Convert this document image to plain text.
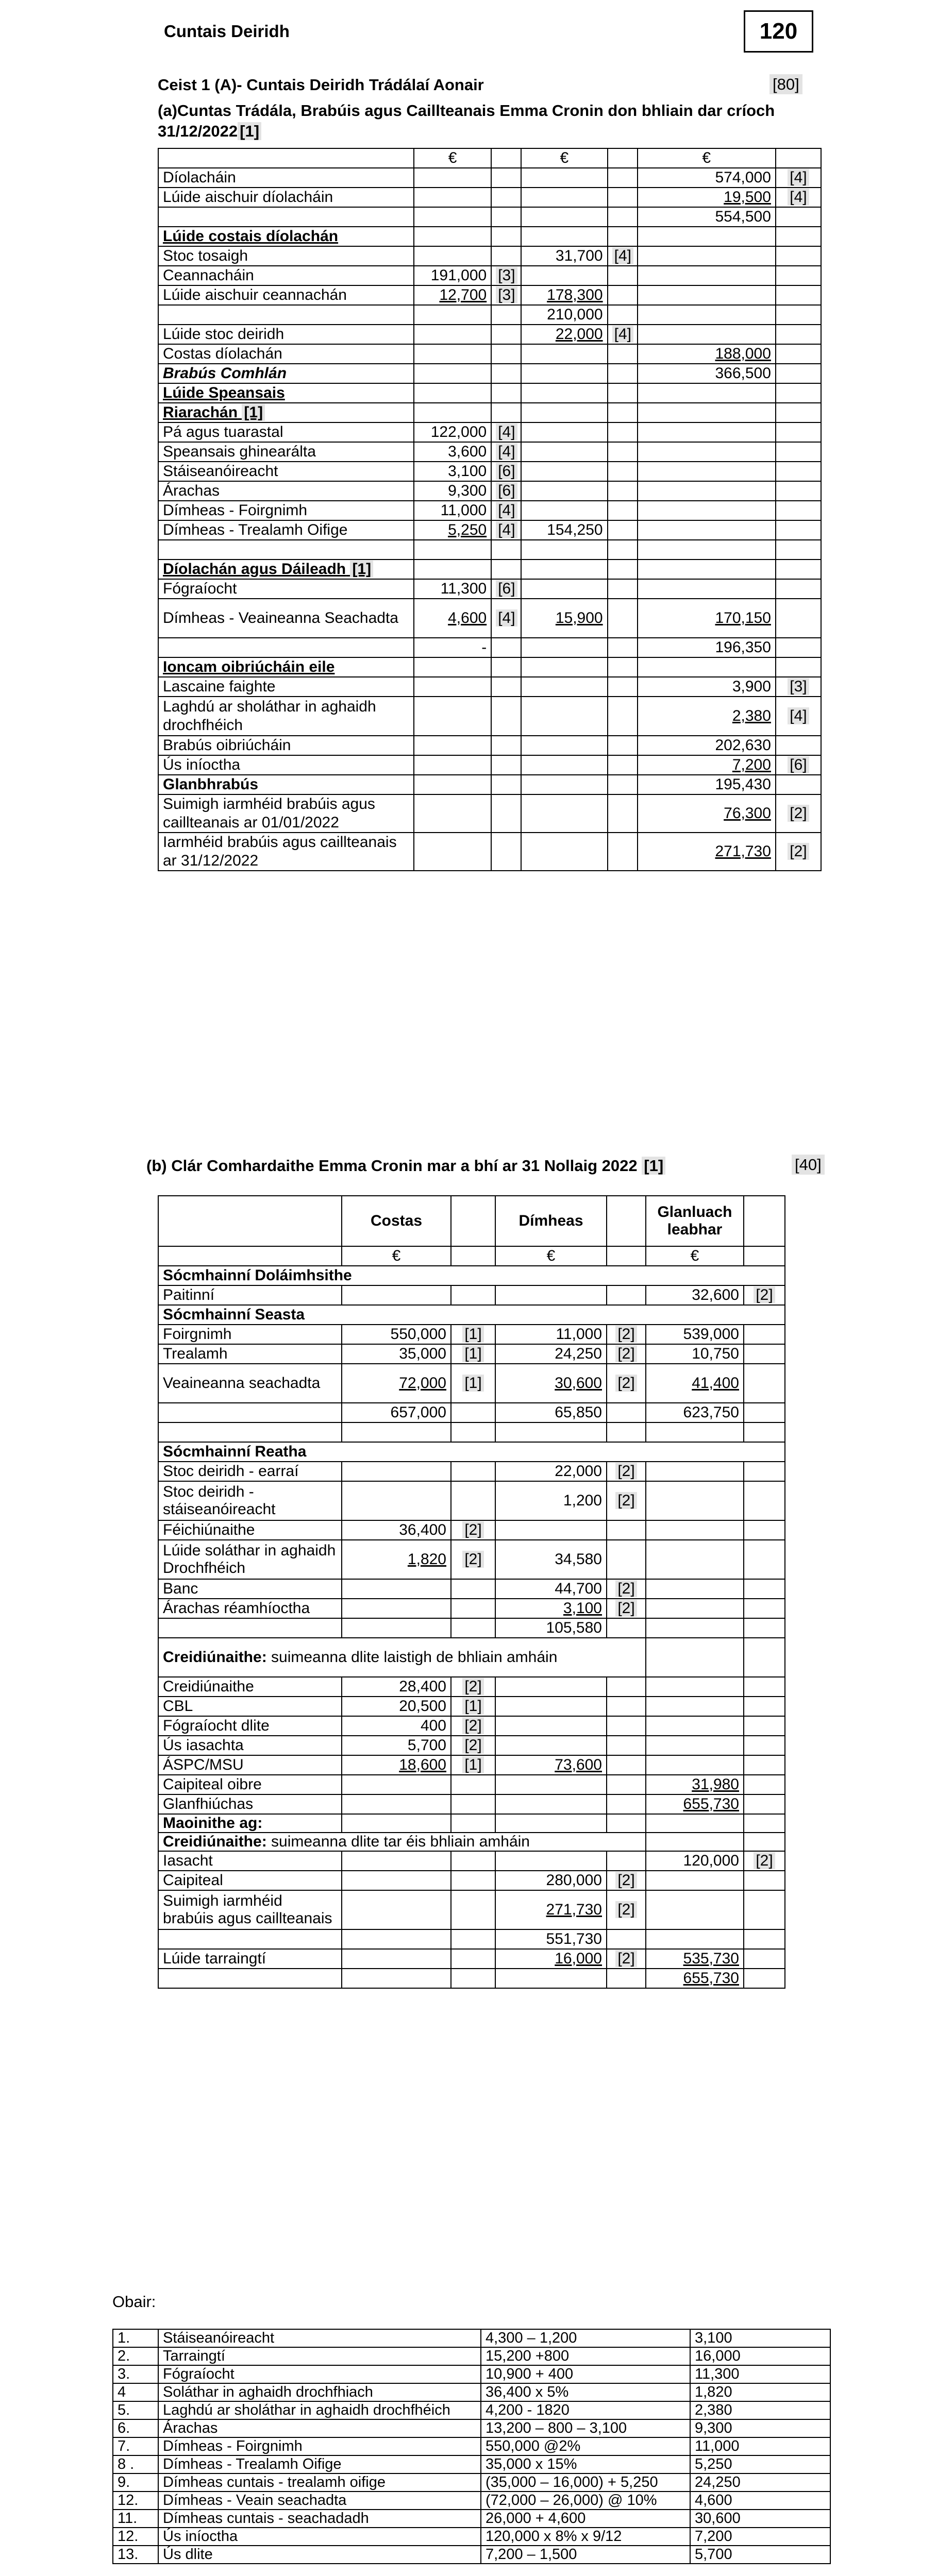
Cuntais Deiridh	120
Ceist 1 (A)- Cuntais Deiridh Trádálaí Aonair	[80]
(a)Cuntas Trádála, Brabúis agus Caillteanais Emma Cronin don bhliain dar críoch 31/12/2022 [1]
	€		€		€	
Díolacháin					574,000	[4]
Lúide aischuir díolacháin					19,500	[4]
					554,500	
Lúide costais díolachán						
Stoc tosaigh			31,700	[4]		
Ceannacháin	191,000	[3]				
Lúide aischuir ceannachán	12,700	[3]	178,300			
			210,000			
Lúide stoc deiridh			22,000	[4]		
Costas díolachán					188,000	
Brabús Comhlán					366,500	
Lúide Speansais						
Riarachán [1]						
Pá agus tuarastal	122,000	[4]				
Speansais ghinearálta	3,600	[4]				
Stáiseanóireacht	3,100	[6]				
Árachas	9,300	[6]				
Dímheas - Foirgnimh	11,000	[4]				
Dímheas - Trealamh Oifige	5,250	[4]	154,250			

Díolachán agus Dáileadh [1]						
Fógraíocht	11,300	[6]				
Dímheas - Veaineanna Seachadta	4,600	[4]	15,900		170,150	
	-				196,350	
Ioncam oibriúcháin eile						
Lascaine faighte					3,900	[3]
Laghdú ar sholáthar in aghaidh drochfhéich					2,380	[4]
Brabús oibriúcháin					202,630	
Ús iníoctha					7,200	[6]
Glanbhrabús					195,430	
Suimigh iarmhéid brabúis agus caillteanais ar 01/01/2022					76,300	[2]
Iarmhéid brabúis agus caillteanais ar 31/12/2022					271,730	[2]
(b) Clár Comhardaithe Emma Cronin mar a bhí ar 31 Nollaig 2022 [1]	[40]
	Costas		Dímheas		Glanluach leabhar	
	€		€		€	
Sócmhainní Doláimhsithe						
Paitinní					32,600	[2]
Sócmhainní Seasta						
Foirgnimh	550,000	[1]	11,000	[2]	539,000	
Trealamh	35,000	[1]	24,250	[2]	10,750	
Veaineanna seachadta	72,000	[1]	30,600	[2]	41,400	
	657,000		65,850		623,750	

Sócmhainní Reatha						
Stoc deiridh - earraí			22,000	[2]		
Stoc deiridh - stáiseanóireacht			1,200	[2]		
Féichiúnaithe	36,400	[2]				
Lúide soláthar in aghaidh Drochfhéich	1,820	[2]	34,580			
Banc			44,700	[2]		
Árachas réamhíoctha			3,100	[2]		
			105,580			
Creidiúnaithe: suimeanna dlite laistigh de bhliain amháin						
Creidiúnaithe	28,400	[2]				
CBL	20,500	[1]				
Fógraíocht dlite	400	[2]				
Ús iasachta	5,700	[2]				
ÁSPC/MSU	18,600	[1]	73,600			
Caipiteal oibre					31,980	
Glanfhiúchas					655,730	
Maoinithe ag:						
Creidiúnaithe: suimeanna dlite tar éis bhliain amháin						
Iasacht					120,000	[2]
Caipiteal			280,000	[2]		
Suimigh iarmhéid brabúis agus caillteanais			271,730	[2]		
			551,730			
Lúide tarraingtí			16,000	[2]	535,730	
					655,730	
Obair:
1.	Stáiseanóireacht	4,300 – 1,200	3,100
2.	Tarraingtí	15,200 +800	16,000
3.	Fógraíocht	10,900 + 400	11,300
4	Soláthar in aghaidh drochfhiach	36,400 x 5%	1,820
5.	Laghdú ar sholáthar in aghaidh drochfhéich	4,200 - 1820	2,380
6.	Árachas	13,200 – 800 – 3,100	9,300
7.	Dímheas - Foirgnimh	550,000 @2%	11,000
8 .	Dímheas - Trealamh Oifige	35,000 x 15%	5,250
9.	Dímheas cuntais - trealamh oifige	(35,000 – 16,000) + 5,250	24,250
12.	Dímheas - Veain seachadta	(72,000 – 26,000) @ 10%	4,600
11.	Dímheas cuntais - seachadadh	26,000 + 4,600	30,600
12.	Ús iníoctha	120,000 x 8% x 9/12	7,200
13.	Ús dlite	7,200 – 1,500	5,700
